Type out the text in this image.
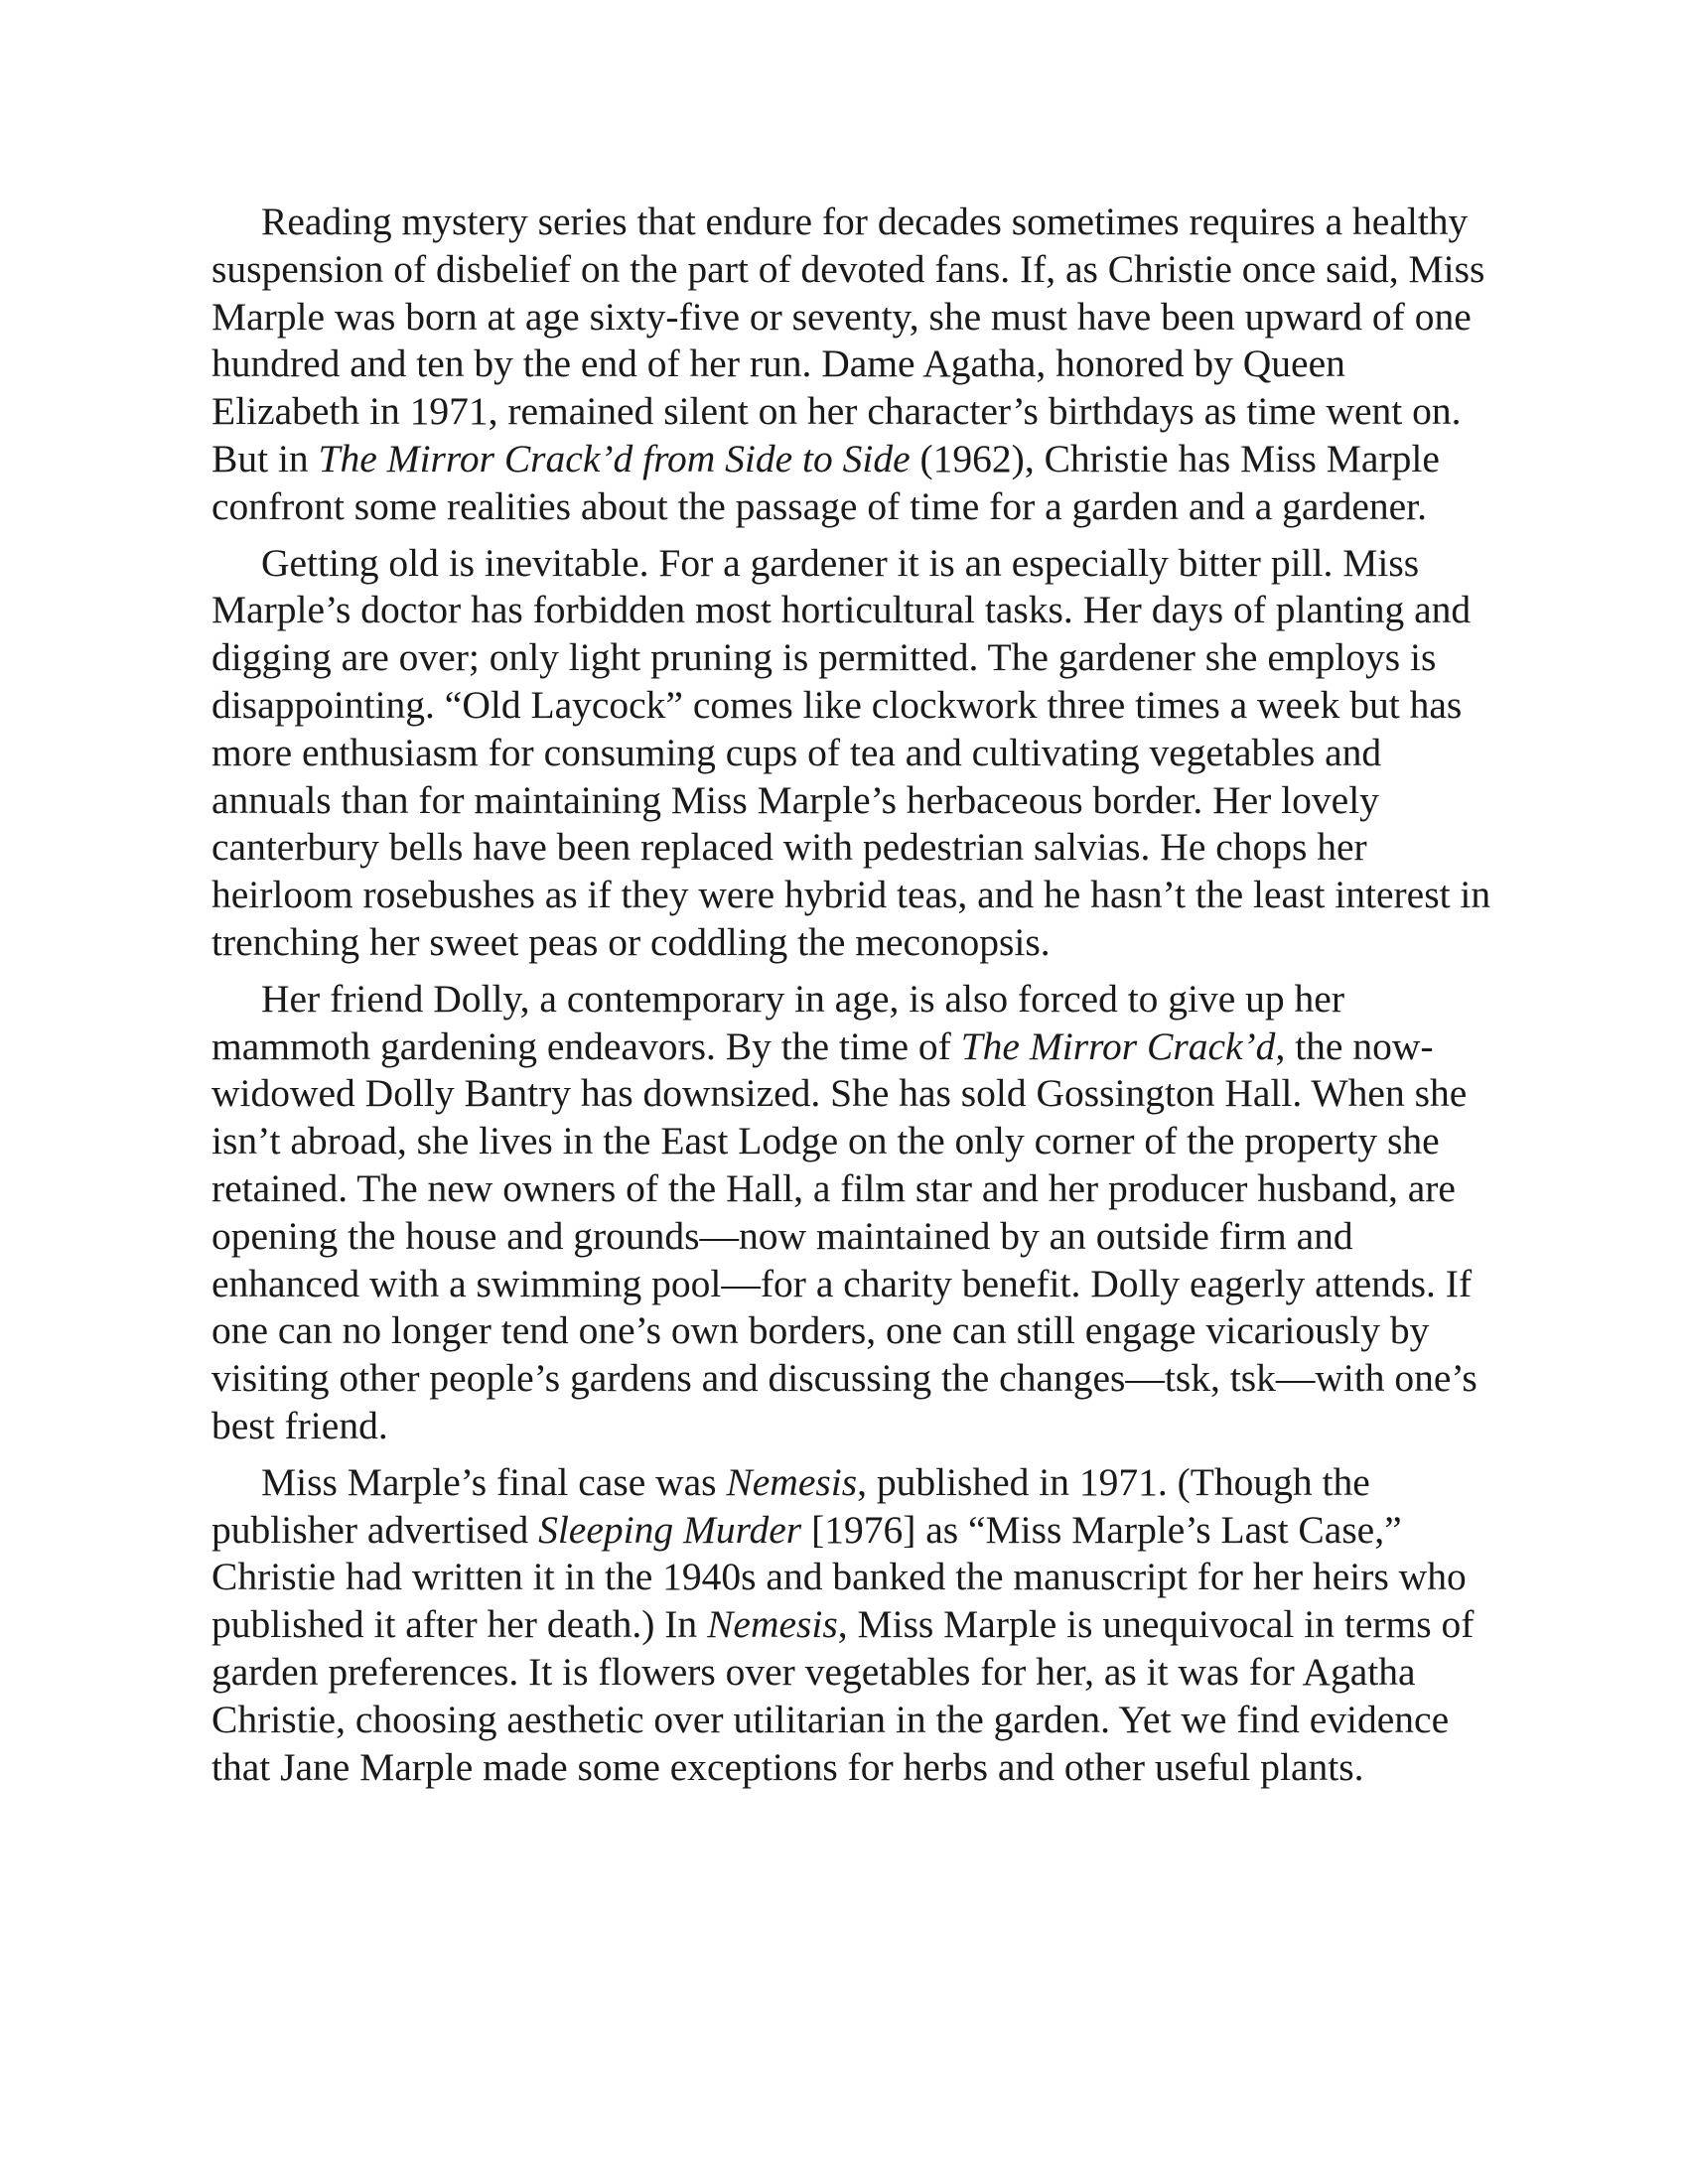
Reading mystery series that endure for decades sometimes requires a healthy suspension of disbelief on the part of devoted fans. If, as Christie once said, Miss Marple was born at age sixty-five or seventy, she must have been upward of one hundred and ten by the end of her run. Dame Agatha, honored by Queen Elizabeth in 1971, remained silent on her character’s birthdays as time went on. But in The Mirror Crack’d from Side to Side (1962), Christie has Miss Marple confront some realities about the passage of time for a garden and a gardener.

Getting old is inevitable. For a gardener it is an especially bitter pill. Miss Marple’s doctor has forbidden most horticultural tasks. Her days of planting and digging are over; only light pruning is permitted. The gardener she employs is disappointing. “Old Laycock” comes like clockwork three times a week but has more enthusiasm for consuming cups of tea and cultivating vegetables and annuals than for maintaining Miss Marple’s herbaceous border. Her lovely canterbury bells have been replaced with pedestrian salvias. He chops her heirloom rosebushes as if they were hybrid teas, and he hasn’t the least interest in trenching her sweet peas or coddling the meconopsis.

Her friend Dolly, a contemporary in age, is also forced to give up her mammoth gardening endeavors. By the time of The Mirror Crack’d, the now-widowed Dolly Bantry has downsized. She has sold Gossington Hall. When she isn’t abroad, she lives in the East Lodge on the only corner of the property she retained. The new owners of the Hall, a film star and her producer husband, are opening the house and grounds—now maintained by an outside firm and enhanced with a swimming pool—for a charity benefit. Dolly eagerly attends. If one can no longer tend one’s own borders, one can still engage vicariously by visiting other people’s gardens and discussing the changes—tsk, tsk—with one’s best friend.

Miss Marple’s final case was Nemesis, published in 1971. (Though the publisher advertised Sleeping Murder [1976] as “Miss Marple’s Last Case,” Christie had written it in the 1940s and banked the manuscript for her heirs who published it after her death.) In Nemesis, Miss Marple is unequivocal in terms of garden preferences. It is flowers over vegetables for her, as it was for Agatha Christie, choosing aesthetic over utilitarian in the garden. Yet we find evidence that Jane Marple made some exceptions for herbs and other useful plants.
